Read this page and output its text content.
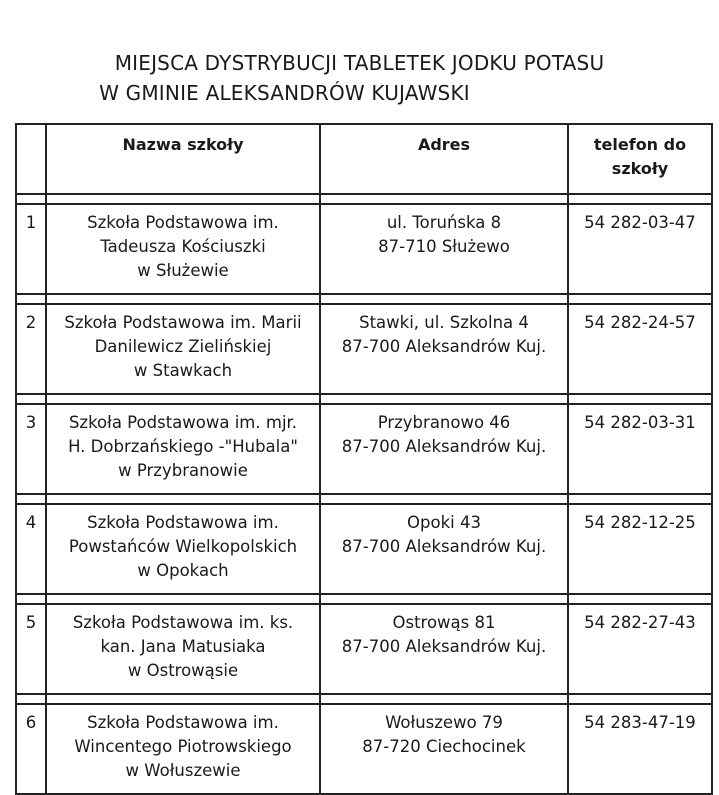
MIEJSCA DYSTRYBUCJI TABLETEK JODKU POTASU
W GMINIE ALEKSANDRÓW KUJAWSKI
	Nazwa szkoły	Adres	telefon do
szkoły

1	Szkoła Podstawowa im.
Tadeusza Kościuszki
w Służewie	ul. Toruńska 8
87-710 Służewo	54 282-03-47

2	Szkoła Podstawowa im. Marii
Danilewicz Zielińskiej
w Stawkach	Stawki, ul. Szkolna 4
87-700 Aleksandrów Kuj.	54 282-24-57

3	Szkoła Podstawowa im. mjr.
H. Dobrzańskiego -"Hubala"
w Przybranowie	Przybranowo 46
87-700 Aleksandrów Kuj.	54 282-03-31

4	Szkoła Podstawowa im.
Powstańców Wielkopolskich
w Opokach	Opoki 43
87-700 Aleksandrów Kuj.	54 282-12-25

5	Szkoła Podstawowa im. ks.
kan. Jana Matusiaka
w Ostrowąsie	Ostrowąs 81
87-700 Aleksandrów Kuj.	54 282-27-43

6	Szkoła Podstawowa im.
Wincentego Piotrowskiego
w Wołuszewie	Wołuszewo 79
87-720 Ciechocinek	54 283-47-19
